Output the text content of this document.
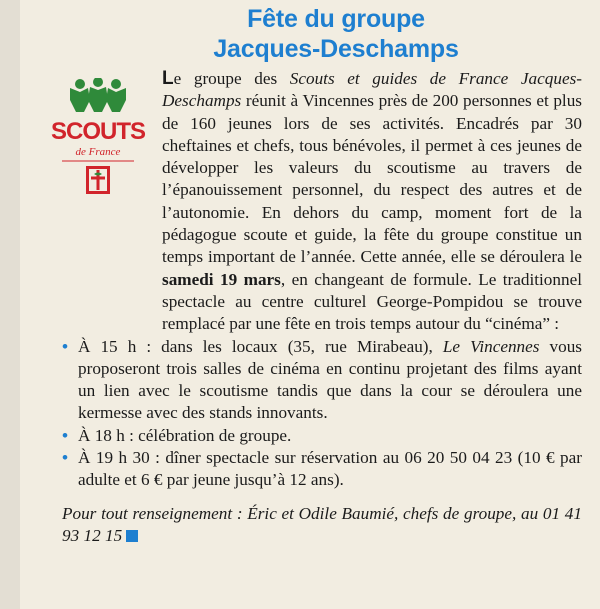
Fête du groupe
Jacques-Deschamps
SCOUTS
de France

Le groupe des Scouts et guides de France Jacques-Deschamps réunit à Vincennes près de 200 personnes et plus de 160 jeunes lors de ses activités. Encadrés par 30 cheftaines et chefs, tous bénévoles, il permet à ces jeunes de développer les valeurs du scoutisme au travers de l’épanouissement personnel, du respect des autres et de l’autonomie. En dehors du camp, moment fort de la pédagogue scoute et guide, la fête du groupe constitue un temps important de l’année. Cette année, elle se déroulera le samedi 19 mars, en changeant de formule. Le traditionnel spectacle au centre culturel George-Pompidou se trouve remplacé par une fête en trois temps autour du “cinéma” :

• À 15 h : dans les locaux (35, rue Mirabeau), Le Vincennes vous proposeront trois salles de cinéma en continu projetant des films ayant un lien avec le scoutisme tandis que dans la cour se déroulera une kermesse avec des stands innovants.
• À 18 h : célébration de groupe.
• À 19 h 30 : dîner spectacle sur réservation au 06 20 50 04 23 (10 € par adulte et 6 € par jeune jusqu’à 12 ans).
Pour tout renseignement : Éric et Odile Baumié, chefs de groupe, au 01 41 93 12 15
